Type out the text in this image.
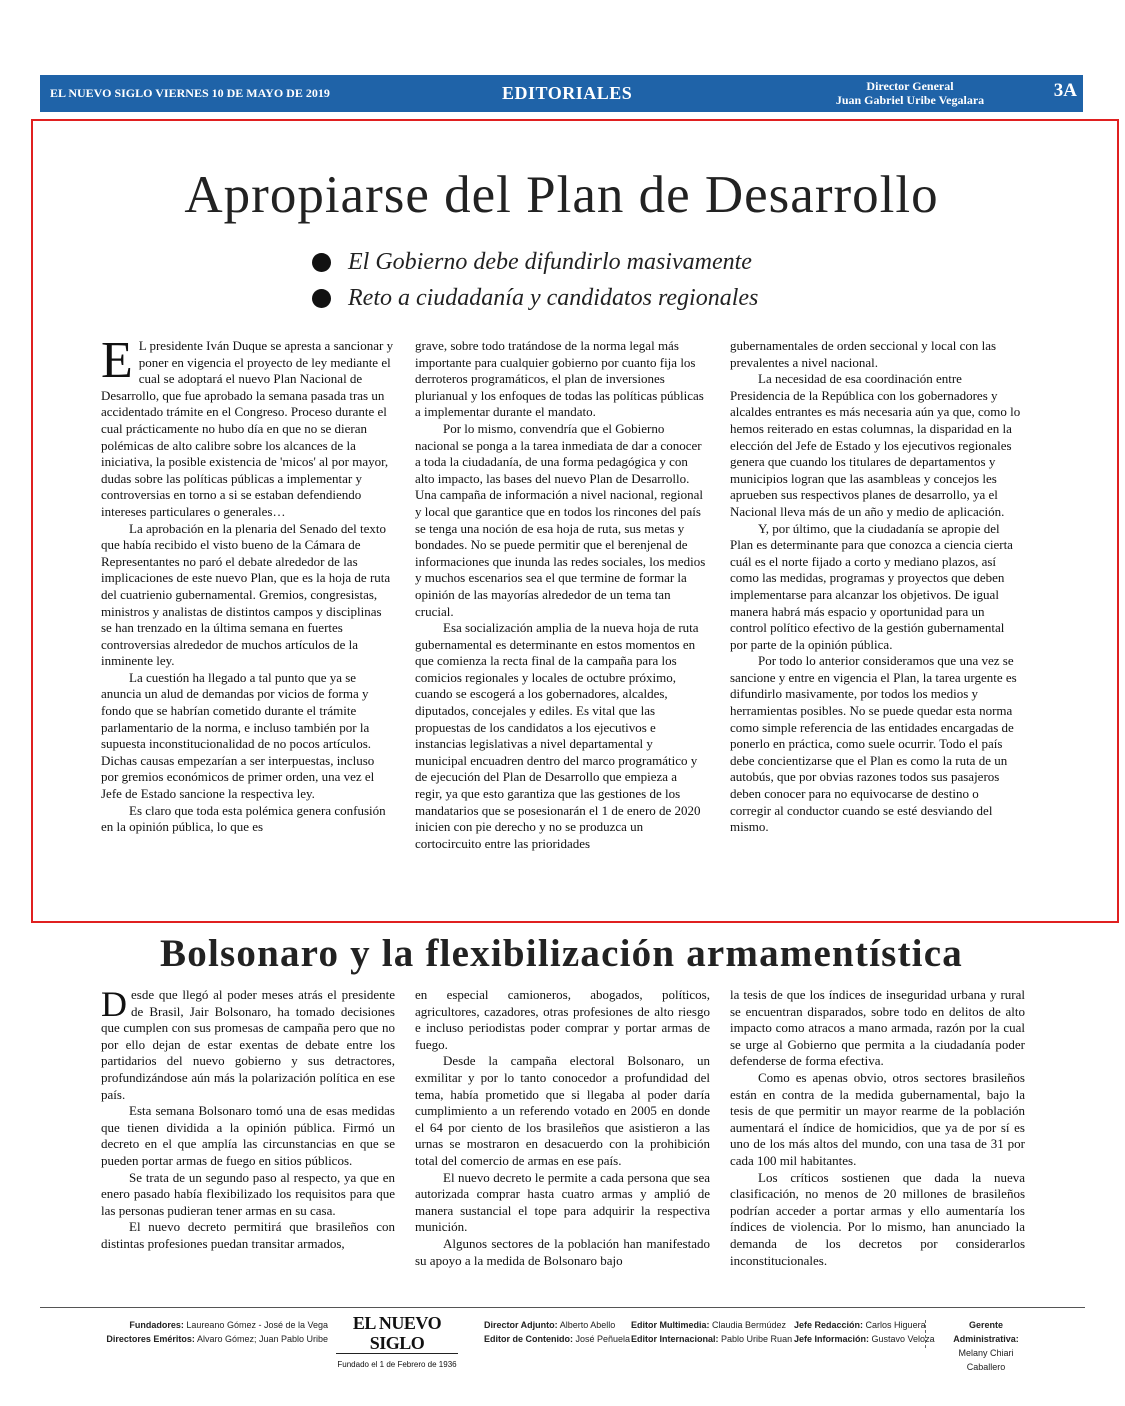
EL NUEVO SIGLO VIERNES 10 DE MAYO DE 2019	EDITORIALES	Director General
Juan Gabriel Uribe Vegalara	3A
Apropiarse del Plan de Desarrollo
El Gobierno debe difundirlo masivamente
Reto a ciudadanía y candidatos regionales

E L presidente Iván Duque se apresta a sancionar y poner en vigencia el proyecto de ley mediante el cual se adoptará el nuevo Plan Nacional de Desarrollo, que fue aprobado la semana pasada tras un accidentado trámite en el Congreso. Proceso durante el cual prácticamente no hubo día en que no se dieran polémicas de alto calibre sobre los alcances de la iniciativa, la posible existencia de 'micos' al por mayor, dudas sobre las políticas públicas a implementar y controversias en torno a si se estaban defendiendo intereses particulares o generales…

La aprobación en la plenaria del Senado del texto que había recibido el visto bueno de la Cámara de Representantes no paró el debate alrededor de las implicaciones de este nuevo Plan, que es la hoja de ruta del cuatrienio gubernamental. Gremios, congresistas, ministros y analistas de distintos campos y disciplinas se han trenzado en la última semana en fuertes controversias alrededor de muchos artículos de la inminente ley.

La cuestión ha llegado a tal punto que ya se anuncia un alud de demandas por vicios de forma y fondo que se habrían cometido durante el trámite parlamentario de la norma, e incluso también por la supuesta inconstitucionalidad de no pocos artículos. Dichas causas empezarían a ser interpuestas, incluso por gremios económicos de primer orden, una vez el Jefe de Estado sancione la respectiva ley.

Es claro que toda esta polémica genera confusión en la opinión pública, lo que es

grave, sobre todo tratándose de la norma legal más importante para cualquier gobierno por cuanto fija los derroteros programáticos, el plan de inversiones plurianual y los enfoques de todas las políticas públicas a implementar durante el mandato.

Por lo mismo, convendría que el Gobierno nacional se ponga a la tarea inmediata de dar a conocer a toda la ciudadanía, de una forma pedagógica y con alto impacto, las bases del nuevo Plan de Desarrollo. Una campaña de información a nivel nacional, regional y local que garantice que en todos los rincones del país se tenga una noción de esa hoja de ruta, sus metas y bondades. No se puede permitir que el berenjenal de informaciones que inunda las redes sociales, los medios y muchos escenarios sea el que termine de formar la opinión de las mayorías alrededor de un tema tan crucial.

Esa socialización amplia de la nueva hoja de ruta gubernamental es determinante en estos momentos en que comienza la recta final de la campaña para los comicios regionales y locales de octubre próximo, cuando se escogerá a los gobernadores, alcaldes, diputados, concejales y ediles. Es vital que las propuestas de los candidatos a los ejecutivos e instancias legislativas a nivel departamental y municipal encuadren dentro del marco programático y de ejecución del Plan de Desarrollo que empieza a regir, ya que esto garantiza que las gestiones de los mandatarios que se posesionarán el 1 de enero de 2020 inicien con pie derecho y no se produzca un cortocircuito entre las prioridades

gubernamentales de orden seccional y local con las prevalentes a nivel nacional.

La necesidad de esa coordinación entre Presidencia de la República con los gobernadores y alcaldes entrantes es más necesaria aún ya que, como lo hemos reiterado en estas columnas, la disparidad en la elección del Jefe de Estado y los ejecutivos regionales genera que cuando los titulares de departamentos y municipios logran que las asambleas y concejos les aprueben sus respectivos planes de desarrollo, ya el Nacional lleva más de un año y medio de aplicación.

Y, por último, que la ciudadanía se apropie del Plan es determinante para que conozca a ciencia cierta cuál es el norte fijado a corto y mediano plazos, así como las medidas, programas y proyectos que deben implementarse para alcanzar los objetivos. De igual manera habrá más espacio y oportunidad para un control político efectivo de la gestión gubernamental por parte de la opinión pública.

Por todo lo anterior consideramos que una vez se sancione y entre en vigencia el Plan, la tarea urgente es difundirlo masivamente, por todos los medios y herramientas posibles. No se puede quedar esta norma como simple referencia de las entidades encargadas de ponerlo en práctica, como suele ocurrir. Todo el país debe concientizarse que el Plan es como la ruta de un autobús, que por obvias razones todos sus pasajeros deben conocer para no equivocarse de destino o corregir al conductor cuando se esté desviando del mismo.

Bolsonaro y la flexibilización armamentística

Desde que llegó al poder meses atrás el presidente de Brasil, Jair Bolsonaro, ha tomado decisiones que cumplen con sus promesas de campaña pero que no por ello dejan de estar exentas de debate entre los partidarios del nuevo gobierno y sus detractores, profundizándose aún más la polarización política en ese país.

Esta semana Bolsonaro tomó una de esas medidas que tienen dividida a la opinión pública. Firmó un decreto en el que amplía las circunstancias en que se pueden portar armas de fuego en sitios públicos.

Se trata de un segundo paso al respecto, ya que en enero pasado había flexibilizado los requisitos para que las personas pudieran tener armas en su casa.

El nuevo decreto permitirá que brasileños con distintas profesiones puedan transitar armados,

en especial camioneros, abogados, políticos, agricultores, cazadores, otras profesiones de alto riesgo e incluso periodistas poder comprar y portar armas de fuego.

Desde la campaña electoral Bolsonaro, un exmilitar y por lo tanto conocedor a profundidad del tema, había prometido que si llegaba al poder daría cumplimiento a un referendo votado en 2005 en donde el 64 por ciento de los brasileños que asistieron a las urnas se mostraron en desacuerdo con la prohibición total del comercio de armas en ese país.

El nuevo decreto le permite a cada persona que sea autorizada comprar hasta cuatro armas y amplió de manera sustancial el tope para adquirir la respectiva munición.

Algunos sectores de la población han manifestado su apoyo a la medida de Bolsonaro bajo

la tesis de que los índices de inseguridad urbana y rural se encuentran disparados, sobre todo en delitos de alto impacto como atracos a mano armada, razón por la cual se urge al Gobierno que permita a la ciudadanía poder defenderse de forma efectiva.

Como es apenas obvio, otros sectores brasileños están en contra de la medida gubernamental, bajo la tesis de que permitir un mayor rearme de la población aumentará el índice de homicidios, que ya de por sí es uno de los más altos del mundo, con una tasa de 31 por cada 100 mil habitantes.

Los críticos sostienen que dada la nueva clasificación, no menos de 20 millones de brasileños podrían acceder a portar armas y ello aumentaría los índices de violencia. Por lo mismo, han anunciado la demanda de los decretos por considerarlos inconstitucionales.

Fundadores: Laureano Gómez - José de la Vega
Directores Eméritos: Alvaro Gómez; Juan Pablo Uribe
EL NUEVO SIGLO
Fundado el 1 de Febrero de 1936
Director Adjunto: Alberto Abello
Editor de Contenido: José Peñuela
Editor Multimedia: Claudia Bermúdez
Editor Internacional: Pablo Uribe Ruan
Jefe Redacción: Carlos Higuera
Jefe Información: Gustavo Veloza
Gerente Administrativa:
Melany Chiari Caballero
